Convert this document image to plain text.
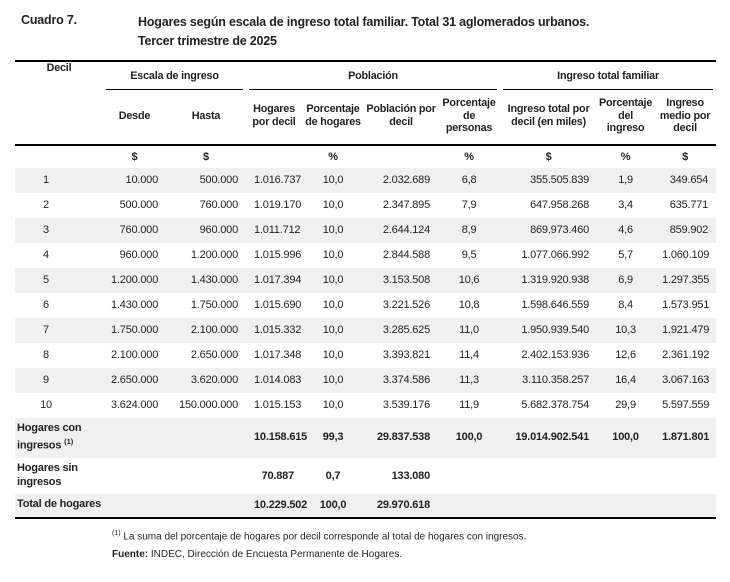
Cuadro 7.	Hogares según escala de ingreso total familiar. Total 31 aglomerados urbanos.
Tercer trimestre de 2025
Decil	Escala de ingreso		Población				Ingreso total familiar		

	Desde	Hasta	Hogares por decil	Porcentaje de hogares	Población por decil	Porcentaje de personas	Ingreso total por decil (en miles)	Porcentaje del ingreso	Ingreso medio por decil
	$	$		%		%	$	%	$
1	10.000	500.000	1.016.737	10,0	2.032.689	6,8	355.505.839	1,9	349.654
2	500.000	760.000	1.019.170	10,0	2.347.895	7,9	647.958.268	3,4	635.771
3	760.000	960.000	1.011.712	10,0	2.644.124	8,9	869.973.460	4,6	859.902
4	960.000	1.200.000	1.015.996	10,0	2.844.588	9,5	1.077.066.992	5,7	1.060.109
5	1.200.000	1.430.000	1.017.394	10,0	3.153.508	10,6	1.319.920.938	6,9	1.297.355
6	1.430.000	1.750.000	1.015.690	10,0	3.221.526	10,8	1.598.646.559	8,4	1.573.951
7	1.750.000	2.100.000	1.015.332	10,0	3.285.625	11,0	1.950.939.540	10,3	1.921.479
8	2.100.000	2.650.000	1.017.348	10,0	3.393.821	11,4	2.402.153.936	12,6	2.361.192
9	2.650.000	3.620.000	1.014.083	10,0	3.374.586	11,3	3.110.358.257	16,4	3.067.163
10	3.624.000	150.000.000	1.015.153	10,0	3.539.176	11,9	5.682.378.754	29,9	5.597.559
Hogares con ingresos $^{(1)}$			10.158.615	99,3	29.837.538	100,0	19.014.902.541	100,0	1.871.801
Hogares sin ingresos			70.887	0,7	133.080				
Total de hogares			10.229.502	100,0	29.970.618				

$^{(1)}$ La suma del porcentaje de hogares por decil corresponde al total de hogares con ingresos.

Fuente: INDEC, Dirección de Encuesta Permanente de Hogares.
